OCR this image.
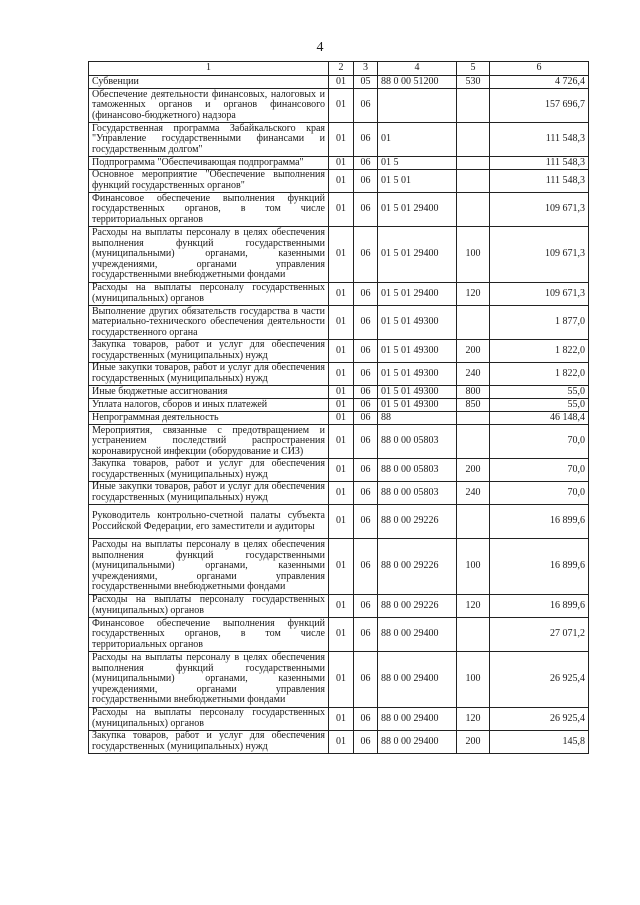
4
1	2	3	4	5	6
Субвенции	01	05	88 0 00 51200	530	4 726,4
Обеспечение деятельности финансовых, налоговых и таможенных органов и органов финансового (финансово-бюджетного) надзора	01	06			157 696,7
Государственная программа Забайкальского края "Управление государственными финансами и государственным долгом"	01	06	01		111 548,3
Подпрограмма "Обеспечивающая подпрограмма"	01	06	01 5		111 548,3
Основное мероприятие "Обеспечение выполнения функций государственных органов"	01	06	01 5 01		111 548,3
Финансовое обеспечение выполнения функций государственных органов, в том числе территориальных органов	01	06	01 5 01 29400		109 671,3
Расходы на выплаты персоналу в целях обеспечения выполнения функций государственными (муниципальными) органами, казенными учреждениями, органами управления государственными внебюджетными фондами	01	06	01 5 01 29400	100	109 671,3
Расходы на выплаты персоналу государственных (муниципальных) органов	01	06	01 5 01 29400	120	109 671,3
Выполнение других обязательств государства в части материально-технического обеспечения деятельности государственного органа	01	06	01 5 01 49300		1 877,0
Закупка товаров, работ и услуг для обеспечения государственных (муниципальных) нужд	01	06	01 5 01 49300	200	1 822,0
Иные закупки товаров, работ и услуг для обеспечения государственных (муниципальных) нужд	01	06	01 5 01 49300	240	1 822,0
Иные бюджетные ассигнования	01	06	01 5 01 49300	800	55,0
Уплата налогов, сборов и иных платежей	01	06	01 5 01 49300	850	55,0
Непрограммная деятельность	01	06	88		46 148,4
Мероприятия, связанные с предотвращением и устранением последствий распространения коронавирусной инфекции (оборудование и СИЗ)	01	06	88 0 00 05803		70,0
Закупка товаров, работ и услуг для обеспечения государственных (муниципальных) нужд	01	06	88 0 00 05803	200	70,0
Иные закупки товаров, работ и услуг для обеспечения государственных (муниципальных) нужд	01	06	88 0 00 05803	240	70,0
Руководитель контрольно-счетной палаты субъекта Российской Федерации, его заместители и аудиторы	01	06	88 0 00 29226		16 899,6
Расходы на выплаты персоналу в целях обеспечения выполнения функций государственными (муниципальными) органами, казенными учреждениями, органами управления государственными внебюджетными фондами	01	06	88 0 00 29226	100	16 899,6
Расходы на выплаты персоналу государственных (муниципальных) органов	01	06	88 0 00 29226	120	16 899,6
Финансовое обеспечение выполнения функций государственных органов, в том числе территориальных органов	01	06	88 0 00 29400		27 071,2
Расходы на выплаты персоналу в целях обеспечения выполнения функций государственными (муниципальными) органами, казенными учреждениями, органами управления государственными внебюджетными фондами	01	06	88 0 00 29400	100	26 925,4
Расходы на выплаты персоналу государственных (муниципальных) органов	01	06	88 0 00 29400	120	26 925,4
Закупка товаров, работ и услуг для обеспечения государственных (муниципальных) нужд	01	06	88 0 00 29400	200	145,8
